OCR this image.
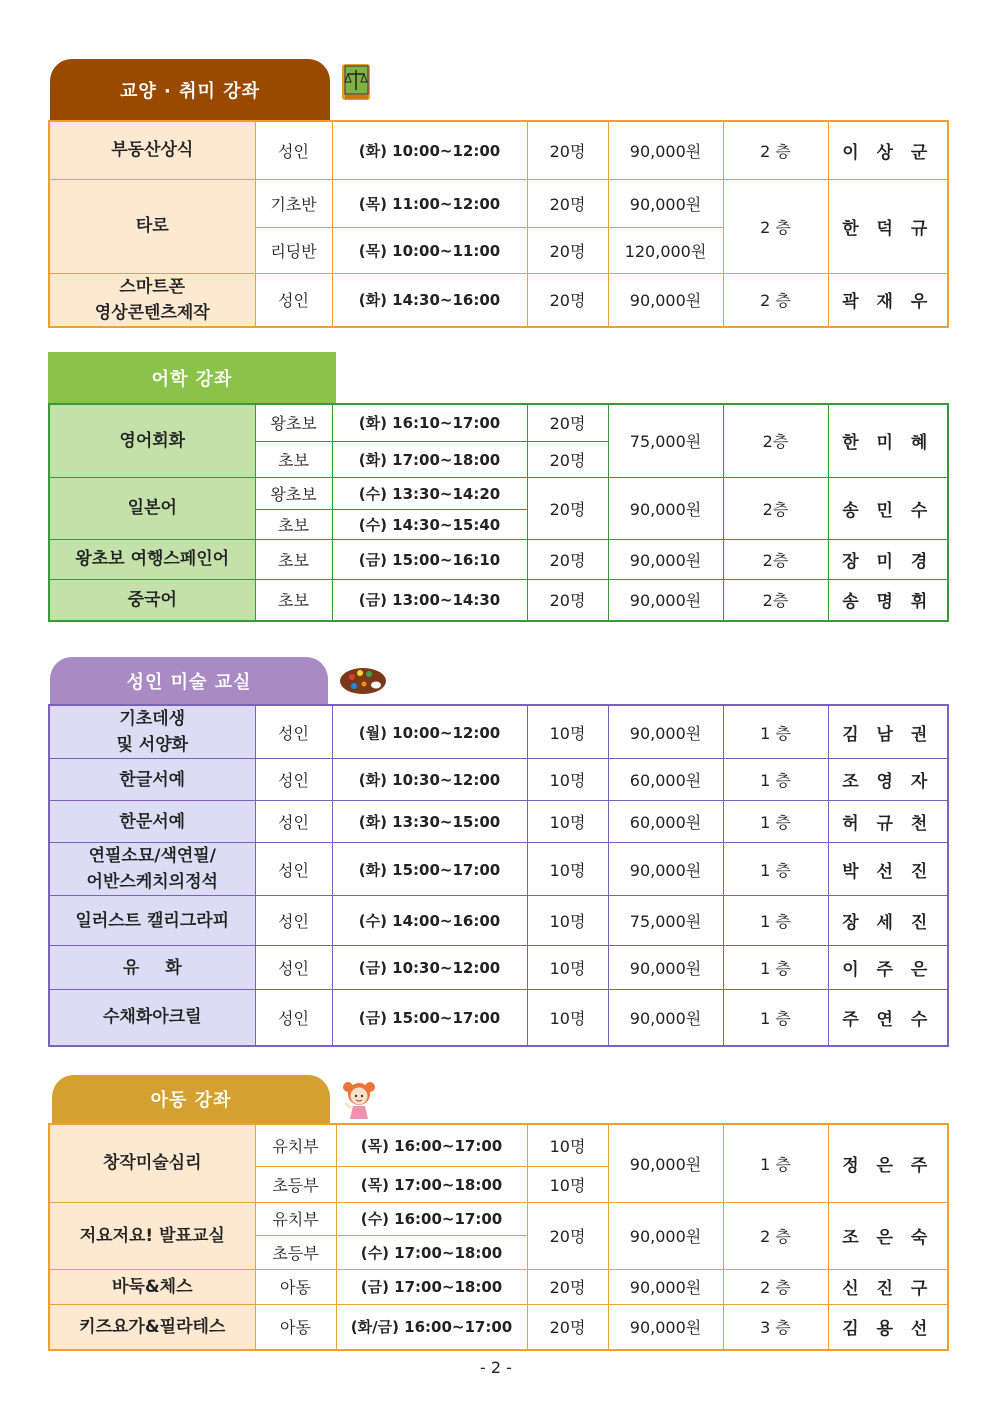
교양 · 취미 강좌
부동산상식	성인	(화) 10:00~12:00	20명	90,000원	2 층	이 상 군
타로	기초반	(목) 11:00~12:00	20명	90,000원	2 층	한 덕 규
	리딩반	(목) 10:00~11:00	20명	120,000원		

스마트폰
영상콘텐츠제작	성인	(화) 14:30~16:00	20명	90,000원	2 층	곽 재 우
어학 강좌
영어회화	왕초보	(화) 16:10~17:00	20명	75,000원	2층	한 미 혜
	초보	(화) 17:00~18:00	20명			
일본어	왕초보	(수) 13:30~14:20	20명	90,000원	2층	송 민 수
	초보	(수) 14:30~15:40				
왕초보 여행스페인어	초보	(금) 15:00~16:10	20명	90,000원	2층	장 미 경
중국어	초보	(금) 13:00~14:30	20명	90,000원	2층	송 명 휘
성인 미술 교실
기초데생
및 서양화	성인	(월) 10:00~12:00	10명	90,000원	1 층	김 남 권
한글서예	성인	(화) 10:30~12:00	10명	60,000원	1 층	조 영 자
한문서예	성인	(화) 13:30~15:00	10명	60,000원	1 층	허 규 천

연필소묘/색연필/
어반스케치의정석	성인	(화) 15:00~17:00	10명	90,000원	1 층	박 선 진
일러스트 캘리그라피	성인	(수) 14:00~16:00	10명	75,000원	1 층	장 세 진
유 화	성인	(금) 10:30~12:00	10명	90,000원	1 층	이 주 은
수채화아크릴	성인	(금) 15:00~17:00	10명	90,000원	1 층	주 연 수
아동 강좌
창작미술심리	유치부	(목) 16:00~17:00	10명	90,000원	1 층	정 은 주
	초등부	(목) 17:00~18:00	10명			
저요저요! 발표교실	유치부	(수) 16:00~17:00	20명	90,000원	2 층	조 은 숙
	초등부	(수) 17:00~18:00				
바둑&체스	아동	(금) 17:00~18:00	20명	90,000원	2 층	신 진 구
키즈요가&필라테스	아동	(화/금) 16:00~17:00	20명	90,000원	3 층	김 용 선
- 2 -
